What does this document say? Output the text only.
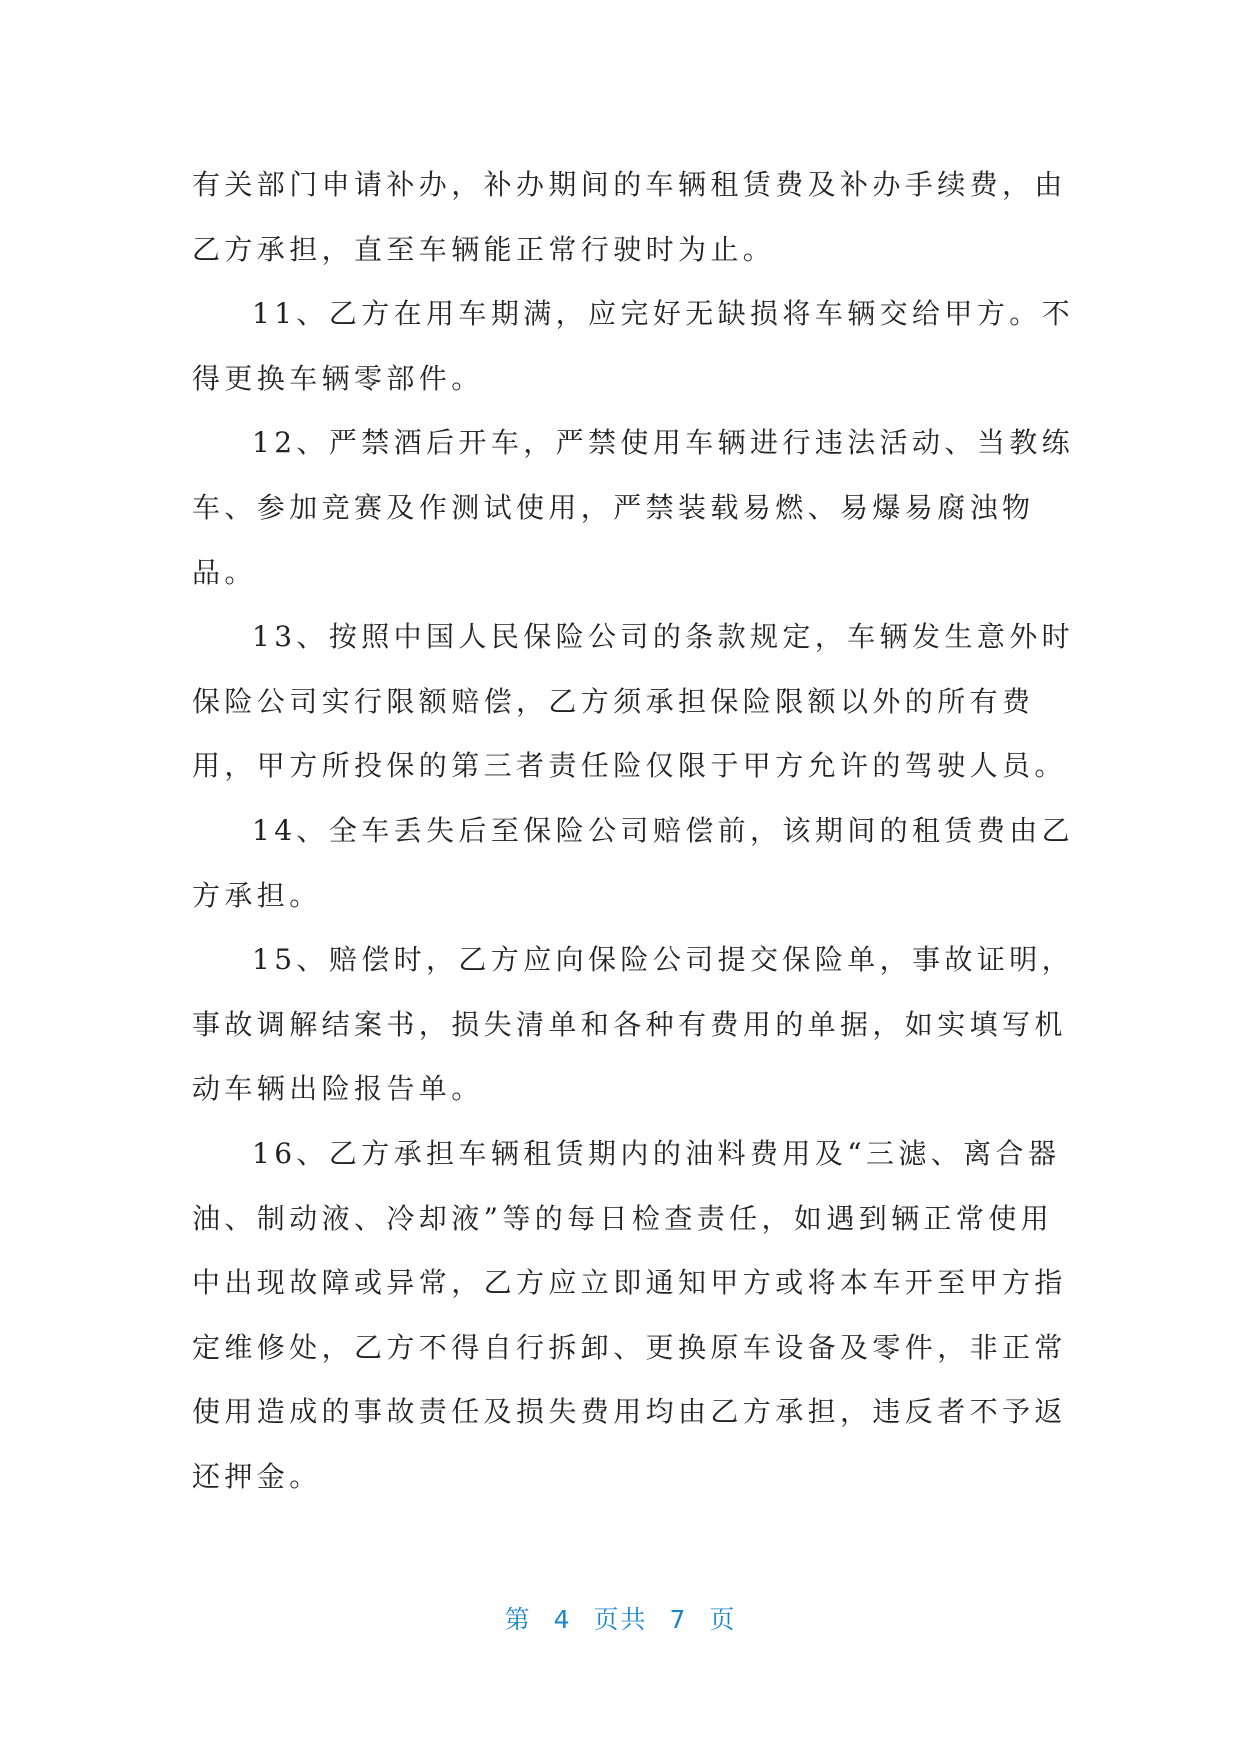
有关部门申请补办，补办期间的车辆租赁费及补办手续费，由
乙方承担，直至车辆能正常行驶时为止。
11、乙方在用车期满，应完好无缺损将车辆交给甲方。不
得更换车辆零部件。
12、严禁酒后开车，严禁使用车辆进行违法活动、当教练
车、参加竞赛及作测试使用，严禁装载易燃、易爆易腐浊物
品。
13、按照中国人民保险公司的条款规定，车辆发生意外时
保险公司实行限额赔偿，乙方须承担保险限额以外的所有费
用，甲方所投保的第三者责任险仅限于甲方允许的驾驶人员。
14、全车丢失后至保险公司赔偿前，该期间的租赁费由乙
方承担。
15、赔偿时，乙方应向保险公司提交保险单，事故证明，
事故调解结案书，损失清单和各种有费用的单据，如实填写机
动车辆出险报告单。
16、乙方承担车辆租赁期内的油料费用及“三滤、离合器
油、制动液、冷却液”等的每日检查责任，如遇到辆正常使用
中出现故障或异常，乙方应立即通知甲方或将本车开至甲方指
定维修处，乙方不得自行拆卸、更换原车设备及零件，非正常
使用造成的事故责任及损失费用均由乙方承担，违反者不予返
还押金。
第 4 页共 7 页
